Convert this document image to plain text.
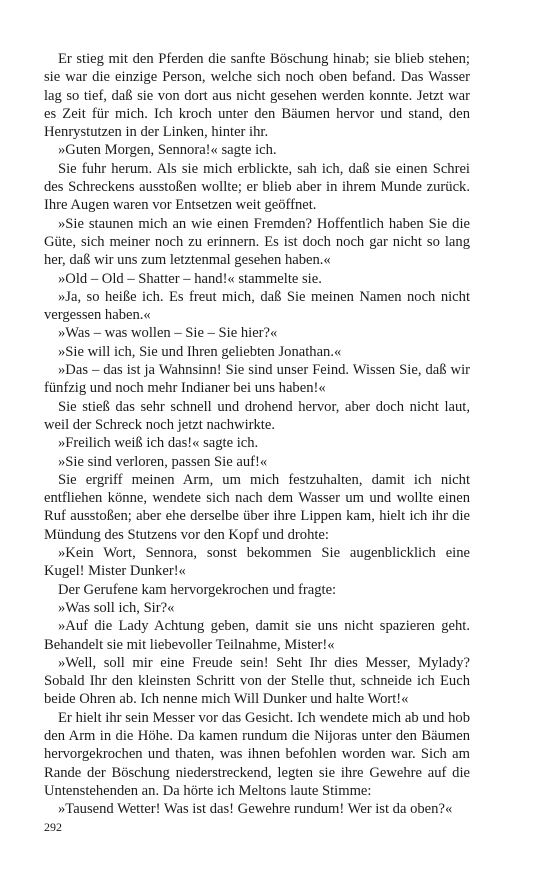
Er stieg mit den Pferden die sanfte Böschung hinab; sie blieb stehen; sie war die einzige Person, welche sich noch oben befand. Das Wasser lag so tief, daß sie von dort aus nicht gesehen werden konnte. Jetzt war es Zeit für mich. Ich kroch unter den Bäumen hervor und stand, den Henrystutzen in der Linken, hinter ihr.

»Guten Morgen, Sennora!« sagte ich.

Sie fuhr herum. Als sie mich erblickte, sah ich, daß sie einen Schrei des Schreckens ausstoßen wollte; er blieb aber in ihrem Munde zurück. Ihre Augen waren vor Entsetzen weit geöffnet.

»Sie staunen mich an wie einen Fremden? Hoffentlich haben Sie die Güte, sich meiner noch zu erinnern. Es ist doch noch gar nicht so lang her, daß wir uns zum letztenmal gesehen haben.«

»Old – Old – Shatter – hand!« stammelte sie.

»Ja, so heiße ich. Es freut mich, daß Sie meinen Namen noch nicht vergessen haben.«

»Was – was wollen – Sie – Sie hier?«

»Sie will ich, Sie und Ihren geliebten Jonathan.«

»Das – das ist ja Wahnsinn! Sie sind unser Feind. Wissen Sie, daß wir fünfzig und noch mehr Indianer bei uns haben!«

Sie stieß das sehr schnell und drohend hervor, aber doch nicht laut, weil der Schreck noch jetzt nachwirkte.

»Freilich weiß ich das!« sagte ich.

»Sie sind verloren, passen Sie auf!«

Sie ergriff meinen Arm, um mich festzuhalten, damit ich nicht entfliehen könne, wendete sich nach dem Wasser um und wollte einen Ruf ausstoßen; aber ehe derselbe über ihre Lippen kam, hielt ich ihr die Mündung des Stutzens vor den Kopf und drohte:

»Kein Wort, Sennora, sonst bekommen Sie augenblicklich eine Kugel! Mister Dunker!«

Der Gerufene kam hervorgekrochen und fragte:

»Was soll ich, Sir?«

»Auf die Lady Achtung geben, damit sie uns nicht spazieren geht. Behandelt sie mit liebevoller Teilnahme, Mister!«

»Well, soll mir eine Freude sein! Seht Ihr dies Messer, Mylady? Sobald Ihr den kleinsten Schritt von der Stelle thut, schneide ich Euch beide Ohren ab. Ich nenne mich Will Dunker und halte Wort!«

Er hielt ihr sein Messer vor das Gesicht. Ich wendete mich ab und hob den Arm in die Höhe. Da kamen rundum die Nijoras unter den Bäumen hervorgekrochen und thaten, was ihnen befohlen worden war. Sich am Rande der Böschung niederstreckend, legten sie ihre Gewehre auf die Untenstehenden an. Da hörte ich Meltons laute Stimme:

»Tausend Wetter! Was ist das! Gewehre rundum! Wer ist da oben?«

292
